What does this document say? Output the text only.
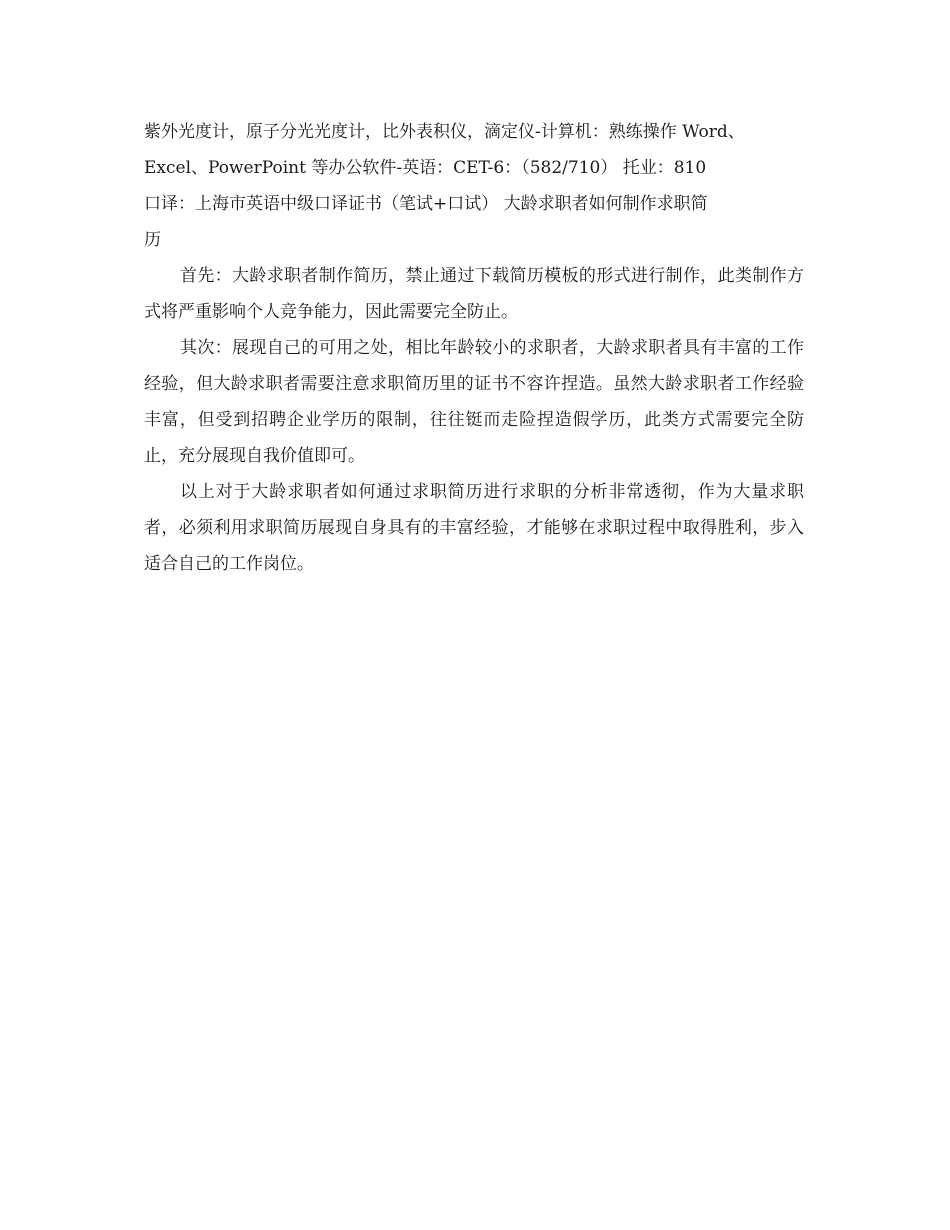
紫外光度计，原子分光光度计，比外表积仪，滴定仪-计算机：熟练操作 Word、
Excel、PowerPoint 等办公软件-英语：CET-6：（582/710） 托业：810
口译：上海市英语中级口译证书（笔试+口试） 大龄求职者如何制作求职简
历

首先：大龄求职者制作简历，禁止通过下载简历模板的形式进行制作，此类制作方式将严重影响个人竞争能力，因此需要完全防止。

其次：展现自己的可用之处，相比年龄较小的求职者，大龄求职者具有丰富的工作经验，但大龄求职者需要注意求职简历里的证书不容许捏造。虽然大龄求职者工作经验丰富，但受到招聘企业学历的限制，往往铤而走险捏造假学历，此类方式需要完全防止，充分展现自我价值即可。

以上对于大龄求职者如何通过求职简历进行求职的分析非常透彻，作为大量求职者，必须利用求职简历展现自身具有的丰富经验，才能够在求职过程中取得胜利，步入适合自己的工作岗位。
